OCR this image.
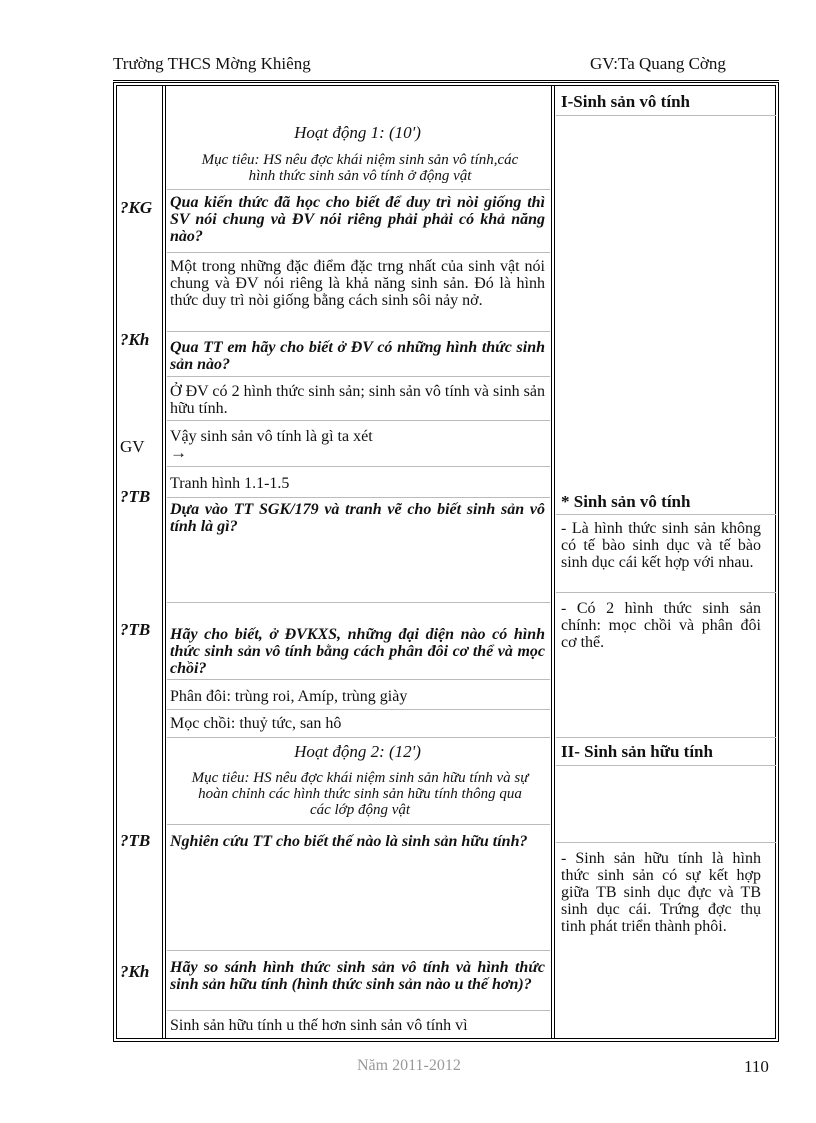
Trường THCS Mờng Khiêng	GV:Ta Quang Cờng
?KG
?Kh
GV
?TB
?TB
?TB
?Kh
Hoạt động 1: (10')
Mục tiêu: HS nêu đợc khái niệm sinh sản vô tính,các hình thức sinh sản vô tính ở động vật
Qua kiến thức đã học cho biết để duy trì nòi giống thì SV nói chung và ĐV nói riêng phải phải có khả năng nào?
Một trong những đặc điểm đặc trng nhất của sinh vật nói chung và ĐV nói riêng là khả năng sinh sản. Đó là hình thức duy trì nòi giống bằng cách sinh sôi nảy nở.
Qua TT em hãy cho biết ở ĐV có những hình thức sinh sản nào?
Ở ĐV có 2 hình thức sinh sản; sinh sản vô tính và sinh sản hữu tính.
Vậy sinh sản vô tính là gì ta xét
→
Tranh hình 1.1-1.5
Dựa vào TT SGK/179 và tranh vẽ cho biết sinh sản vô tính là gì?
Hãy cho biết, ở ĐVKXS, những đại diện nào có hình thức sinh sản vô tính bằng cách phân đôi cơ thể và mọc chồi?
Phân đôi: trùng roi, Amíp, trùng giày
Mọc chồi: thuỷ tức, san hô
Hoạt động 2: (12')
Mục tiêu: HS nêu đợc khái niệm sinh sản hữu tính và sự hoàn chỉnh các hình thức sinh sản hữu tính thông qua các lớp động vật
Nghiên cứu TT cho biết thế nào là sinh sản hữu tính?
Hãy so sánh hình thức sinh sản vô tính và hình thức sinh sản hữu tính (hình thức sinh sản nào u thế hơn)?
Sinh sản hữu tính u thế hơn sinh sản vô tính vì
I-Sinh sản vô tính
* Sinh sản vô tính
- Là hình thức sinh sản không có tế bào sinh dục và tế bào sinh dục cái kết hợp với nhau.
- Có 2 hình thức sinh sản chính: mọc chồi và phân đôi cơ thể.
II- Sinh sản hữu tính
- Sinh sản hữu tính là hình thức sinh sản có sự kết hợp giữa TB sinh dục đực và TB sinh dục cái. Trứng đợc thụ tinh phát triển thành phôi.
Năm 2011-2012	110
